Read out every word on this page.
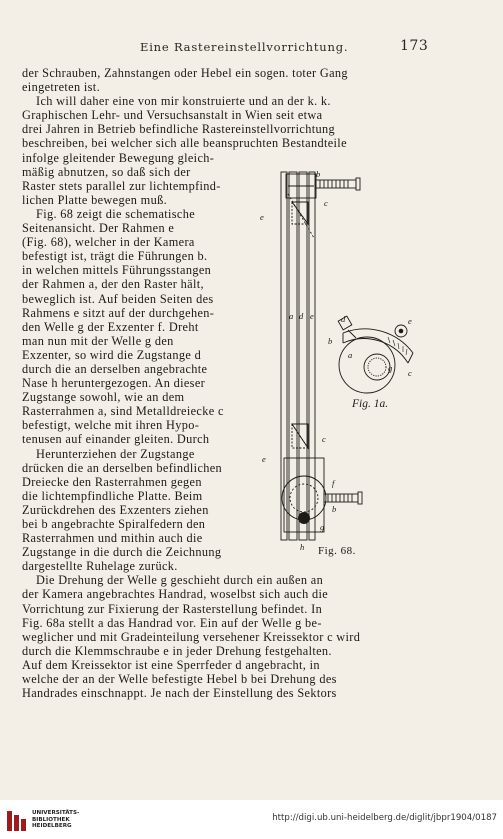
Eine Rastereinstellvorrichtung.	173
der Schrauben, Zahnstangen oder Hebel ein sogen. toter Gang
eingetreten ist.
Ich will daher eine von mir konstruierte und an der k. k.
Graphischen Lehr- und Versuchsanstalt in Wien seit etwa
drei Jahren in Betrieb befindliche Rastereinstellvorrichtung
beschreiben, bei welcher sich alle beanspruchten Bestandteile
infolge gleitender Bewegung gleich-
mäßig abnutzen, so daß sich der
Raster stets parallel zur lichtempfind-
lichen Platte bewegen muß.
Fig. 68 zeigt die schematische
Seitenansicht. Der Rahmen e
(Fig. 68), welcher in der Kamera
befestigt ist, trägt die Führungen b.
in welchen mittels Führungsstangen
der Rahmen a, der den Raster hält,
beweglich ist. Auf beiden Seiten des
Rahmens e sitzt auf der durchgehen-
den Welle g der Exzenter f. Dreht
man nun mit der Welle g den
Exzenter, so wird die Zugstange d
durch die an derselben angebrachte
Nase h heruntergezogen. An dieser
Zugstange sowohl, wie an dem
Rasterrahmen a, sind Metalldreiecke c
befestigt, welche mit ihren Hypo-
tenusen auf einander gleiten. Durch
Herunterziehen der Zugstange
drücken die an derselben befindlichen
Dreiecke den Rasterrahmen gegen
die lichtempfindliche Platte. Beim
Zurückdrehen des Exzenters ziehen
bei b angebrachte Spiralfedern den
Rasterrahmen und mithin auch die
Zugstange in die durch die Zeichnung
dargestellte Ruhelage zurück.
Die Drehung der Welle g geschieht durch ein außen an
der Kamera angebrachtes Handrad, woselbst sich auch die
Vorrichtung zur Fixierung der Rasterstellung befindet. In
Fig. 68a stellt a das Handrad vor. Ein auf der Welle g be-
weglicher und mit Gradeinteilung versehener Kreissektor c wird
durch die Klemmschraube e in jeder Drehung festgehalten.
Auf dem Kreissektor ist eine Sperrfeder d angebracht, in
welche der an der Welle befestigte Hebel b bei Drehung des
Handrades einschnappt. Je nach der Einstellung des Sektors
b
c
e
a d e
c
e
f
b
g
h
d
b
a
g
e
c
Fig. 1a.
Fig. 68.
UNIVERSITÄTS-
BIBLIOTHEK
HEIDELBERG
http://digi.ub.uni-heidelberg.de/diglit/jbpr1904/0187
